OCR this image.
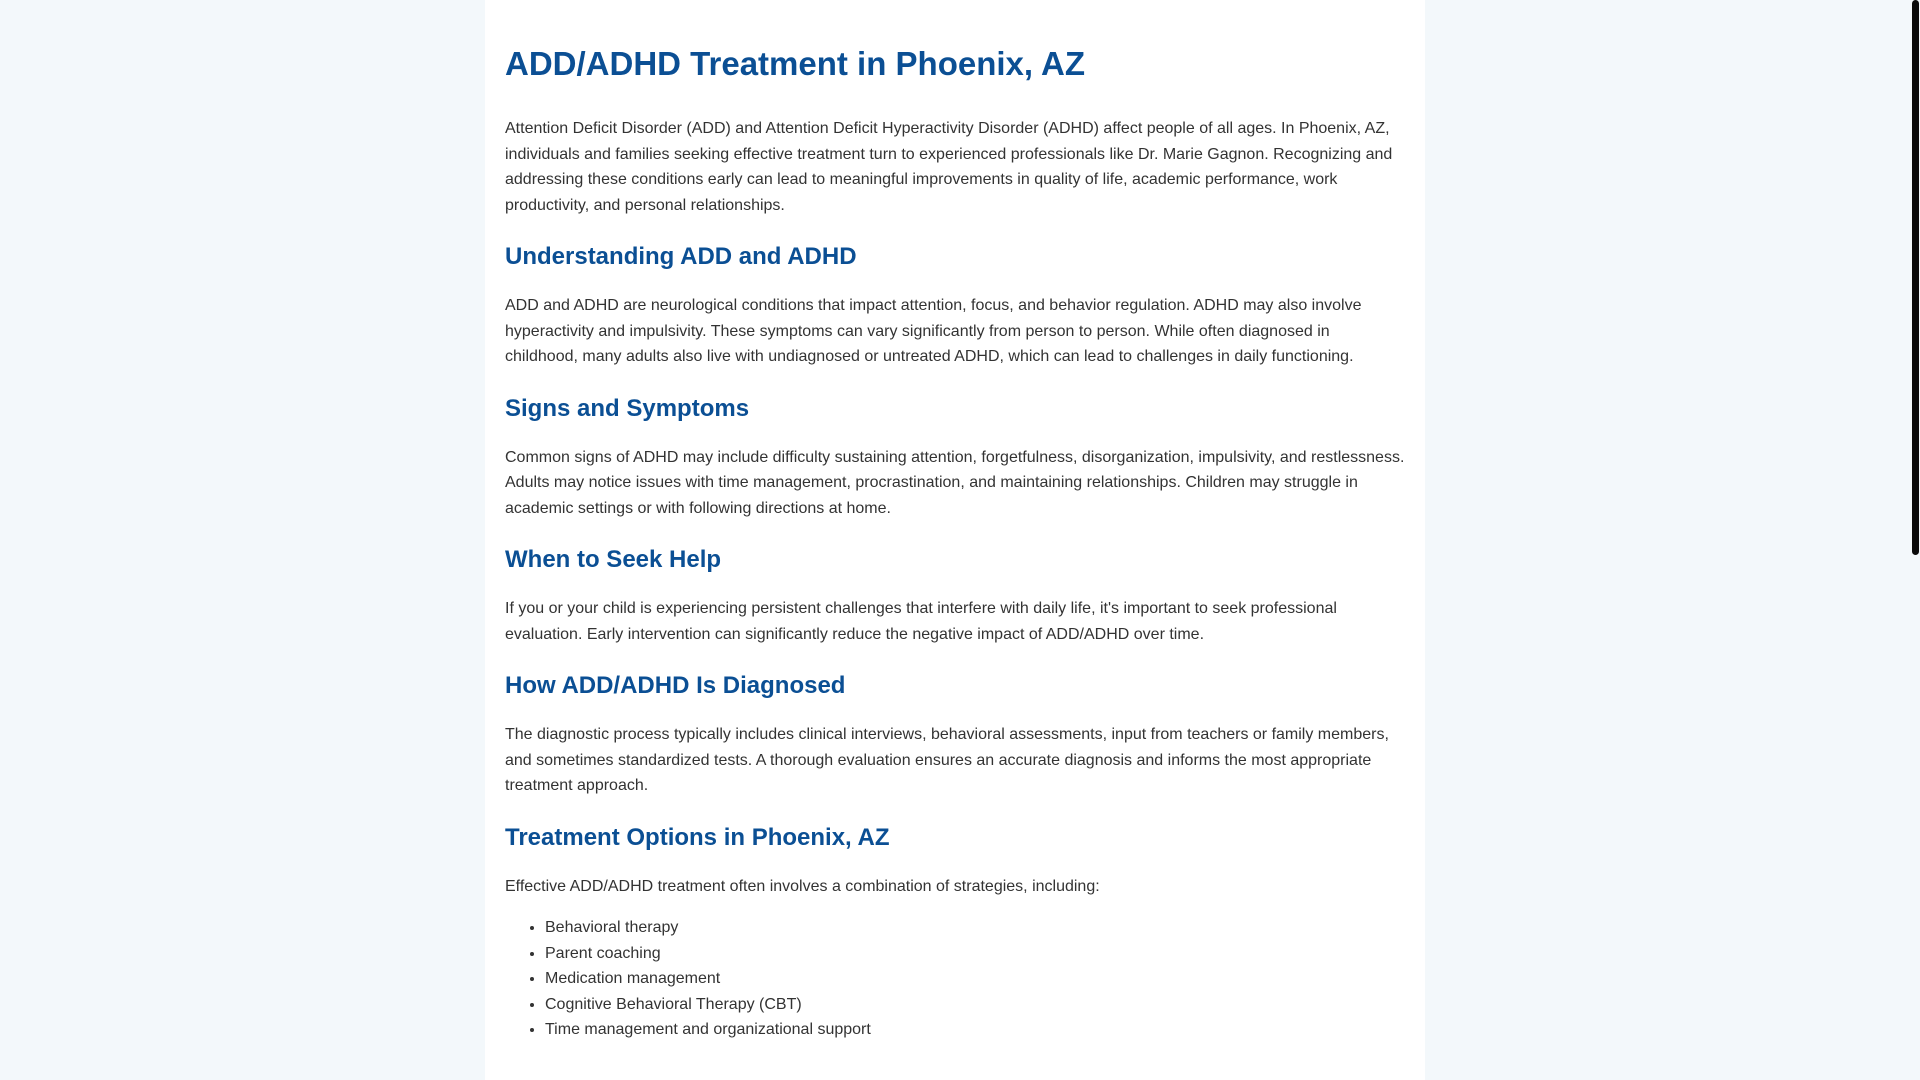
ADD/ADHD Treatment in Phoenix, AZ

Attention Deficit Disorder (ADD) and Attention Deficit Hyperactivity Disorder (ADHD) affect people of all ages. In Phoenix, AZ, individuals and families seeking effective treatment turn to experienced professionals like Dr. Marie Gagnon. Recognizing and addressing these conditions early can lead to meaningful improvements in quality of life, academic performance, work productivity, and personal relationships.

Understanding ADD and ADHD

ADD and ADHD are neurological conditions that impact attention, focus, and behavior regulation. ADHD may also involve hyperactivity and impulsivity. These symptoms can vary significantly from person to person. While often diagnosed in childhood, many adults also live with undiagnosed or untreated ADHD, which can lead to challenges in daily functioning.

Signs and Symptoms

Common signs of ADHD may include difficulty sustaining attention, forgetfulness, disorganization, impulsivity, and restlessness. Adults may notice issues with time management, procrastination, and maintaining relationships. Children may struggle in academic settings or with following directions at home.

When to Seek Help

If you or your child is experiencing persistent challenges that interfere with daily life, it's important to seek professional evaluation. Early intervention can significantly reduce the negative impact of ADD/ADHD over time.

How ADD/ADHD Is Diagnosed

The diagnostic process typically includes clinical interviews, behavioral assessments, input from teachers or family members, and sometimes standardized tests. A thorough evaluation ensures an accurate diagnosis and informs the most appropriate treatment approach.

Treatment Options in Phoenix, AZ

Effective ADD/ADHD treatment often involves a combination of strategies, including:

• Behavioral therapy
• Parent coaching
• Medication management
• Cognitive Behavioral Therapy (CBT)
• Time management and organizational support
